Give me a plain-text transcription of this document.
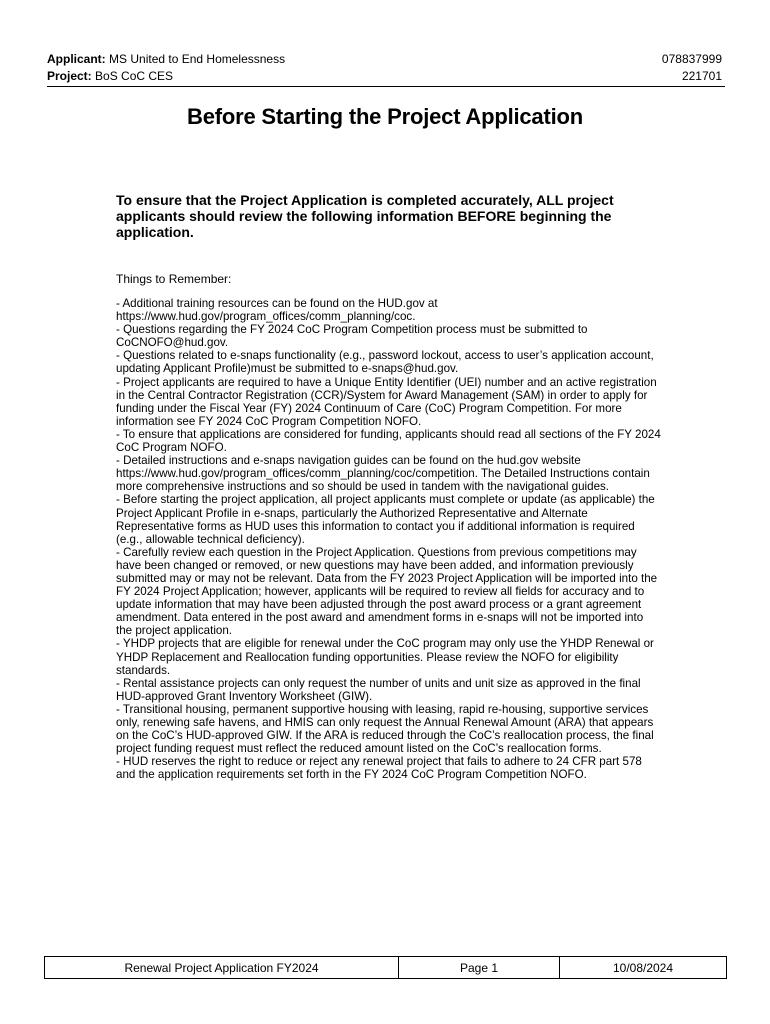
Applicant: MS United to End Homelessness	078837999
Project: BoS CoC CES	221701
Before Starting the Project Application
To ensure that the Project Application is completed accurately, ALL project applicants should review the following information BEFORE beginning the application.
Things to Remember:

- Additional training resources can be found on the HUD.gov at https://www.hud.gov/program_offices/comm_planning/coc.

- Questions regarding the FY 2024 CoC Program Competition process must be submitted to CoCNOFO@hud.gov.

- Questions related to e-snaps functionality (e.g., password lockout, access to user’s application account, updating Applicant Profile)must be submitted to e-snaps@hud.gov.

- Project applicants are required to have a Unique Entity Identifier (UEI) number and an active registration in the Central Contractor Registration (CCR)/System for Award Management (SAM) in order to apply for funding under the Fiscal Year (FY) 2024 Continuum of Care (CoC) Program Competition. For more information see FY 2024 CoC Program Competition NOFO.

- To ensure that applications are considered for funding, applicants should read all sections of the FY 2024 CoC Program NOFO.

- Detailed instructions and e-snaps navigation guides can be found on the hud.gov website https://www.hud.gov/program_offices/comm_planning/coc/competition. The Detailed Instructions contain more comprehensive instructions and so should be used in tandem with the navigational guides.

- Before starting the project application, all project applicants must complete or update (as applicable) the Project Applicant Profile in e-snaps, particularly the Authorized Representative and Alternate Representative forms as HUD uses this information to contact you if additional information is required (e.g., allowable technical deficiency).

- Carefully review each question in the Project Application. Questions from previous competitions may have been changed or removed, or new questions may have been added, and information previously submitted may or may not be relevant. Data from the FY 2023 Project Application will be imported into the FY 2024 Project Application; however, applicants will be required to review all fields for accuracy and to update information that may have been adjusted through the post award process or a grant agreement amendment. Data entered in the post award and amendment forms in e-snaps will not be imported into the project application.

- YHDP projects that are eligible for renewal under the CoC program may only use the YHDP Renewal or YHDP Replacement and Reallocation funding opportunities. Please review the NOFO for eligibility standards.

- Rental assistance projects can only request the number of units and unit size as approved in the final HUD-approved Grant Inventory Worksheet (GIW).

- Transitional housing, permanent supportive housing with leasing, rapid re-housing, supportive services only, renewing safe havens, and HMIS can only request the Annual Renewal Amount (ARA) that appears on the CoC’s HUD-approved GIW. If the ARA is reduced through the CoC’s reallocation process, the final project funding request must reflect the reduced amount listed on the CoC’s reallocation forms.

- HUD reserves the right to reduce or reject any renewal project that fails to adhere to 24 CFR part 578 and the application requirements set forth in the FY 2024 CoC Program Competition NOFO.

Renewal Project Application FY2024	Page 1	10/08/2024
